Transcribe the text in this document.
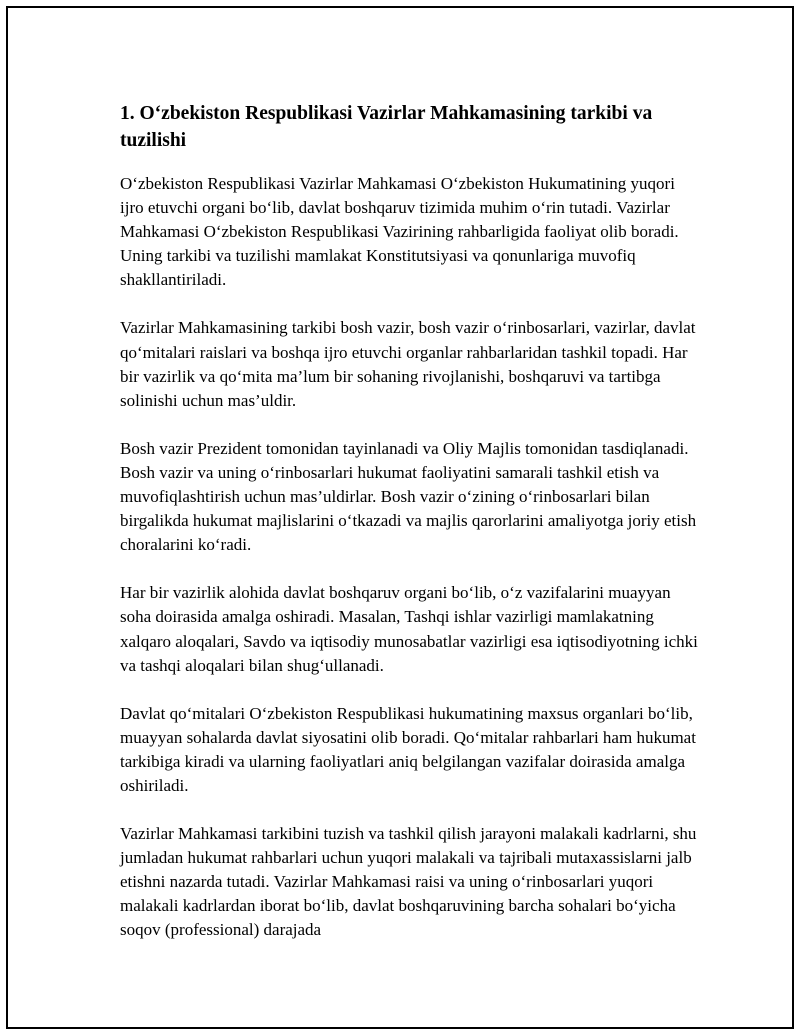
1. O‘zbekiston Respublikasi Vazirlar Mahkamasining tarkibi va tuzilishi
O‘zbekiston Respublikasi Vazirlar Mahkamasi O‘zbekiston Hukumatining yuqori ijro etuvchi organi bo‘lib, davlat boshqaruv tizimida muhim o‘rin tutadi. Vazirlar Mahkamasi O‘zbekiston Respublikasi Vazirining rahbarligida faoliyat olib boradi. Uning tarkibi va tuzilishi mamlakat Konstitutsiyasi va qonunlariga muvofiq shakllantiriladi.
Vazirlar Mahkamasining tarkibi bosh vazir, bosh vazir o‘rinbosarlari, vazirlar, davlat qo‘mitalari raislari va boshqa ijro etuvchi organlar rahbarlaridan tashkil topadi. Har bir vazirlik va qo‘mita ma’lum bir sohaning rivojlanishi, boshqaruvi va tartibga solinishi uchun mas’uldir.
Bosh vazir Prezident tomonidan tayinlanadi va Oliy Majlis tomonidan tasdiqlanadi. Bosh vazir va uning o‘rinbosarlari hukumat faoliyatini samarali tashkil etish va muvofiqlashtirish uchun mas’uldirlar. Bosh vazir o‘zining o‘rinbosarlari bilan birgalikda hukumat majlislarini o‘tkazadi va majlis qarorlarini amaliyotga joriy etish choralarini ko‘radi.
Har bir vazirlik alohida davlat boshqaruv organi bo‘lib, o‘z vazifalarini muayyan soha doirasida amalga oshiradi. Masalan, Tashqi ishlar vazirligi mamlakatning xalqaro aloqalari, Savdo va iqtisodiy munosabatlar vazirligi esa iqtisodiyotning ichki va tashqi aloqalari bilan shug‘ullanadi.
Davlat qo‘mitalari O‘zbekiston Respublikasi hukumatining maxsus organlari bo‘lib, muayyan sohalarda davlat siyosatini olib boradi. Qo‘mitalar rahbarlari ham hukumat tarkibiga kiradi va ularning faoliyatlari aniq belgilangan vazifalar doirasida amalga oshiriladi.
Vazirlar Mahkamasi tarkibini tuzish va tashkil qilish jarayoni malakali kadrlarni, shu jumladan hukumat rahbarlari uchun yuqori malakali va tajribali mutaxassislarni jalb etishni nazarda tutadi. Vazirlar Mahkamasi raisi va uning o‘rinbosarlari yuqori malakali kadrlardan iborat bo‘lib, davlat boshqaruvining barcha sohalari bo‘yicha soqov (professional) darajada
